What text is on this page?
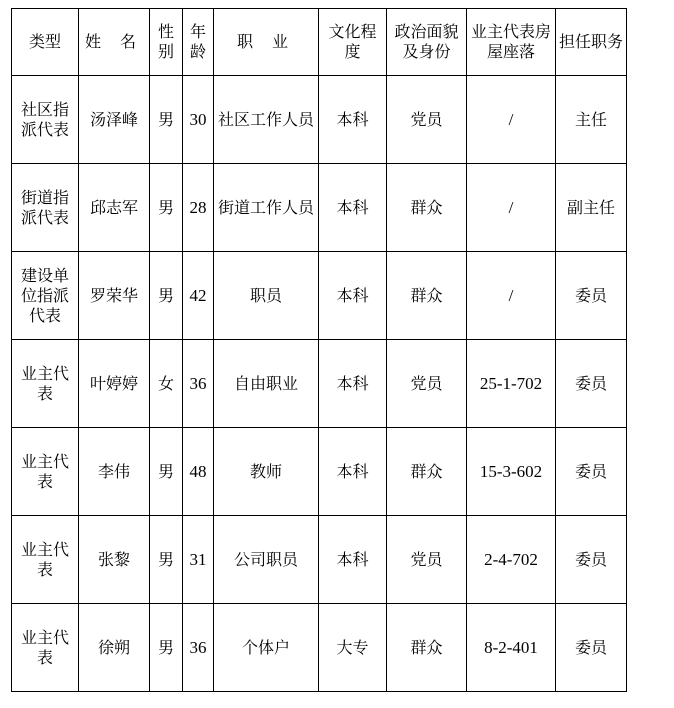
类型	姓 名	性别	年龄	职 业	文化程度	政治面貌及身份	业主代表房屋座落	担任职务
社区指派代表	汤泽峰	男	30	社区工作人员	本科	党员	/	主任
街道指派代表	邱志军	男	28	街道工作人员	本科	群众	/	副主任
建设单位指派代表	罗荣华	男	42	职员	本科	群众	/	委员
业主代表	叶婷婷	女	36	自由职业	本科	党员	25-1-702	委员
业主代表	李伟	男	48	教师	本科	群众	15-3-602	委员
业主代表	张黎	男	31	公司职员	本科	党员	2-4-702	委员
业主代表	徐朔	男	36	个体户	大专	群众	8-2-401	委员
